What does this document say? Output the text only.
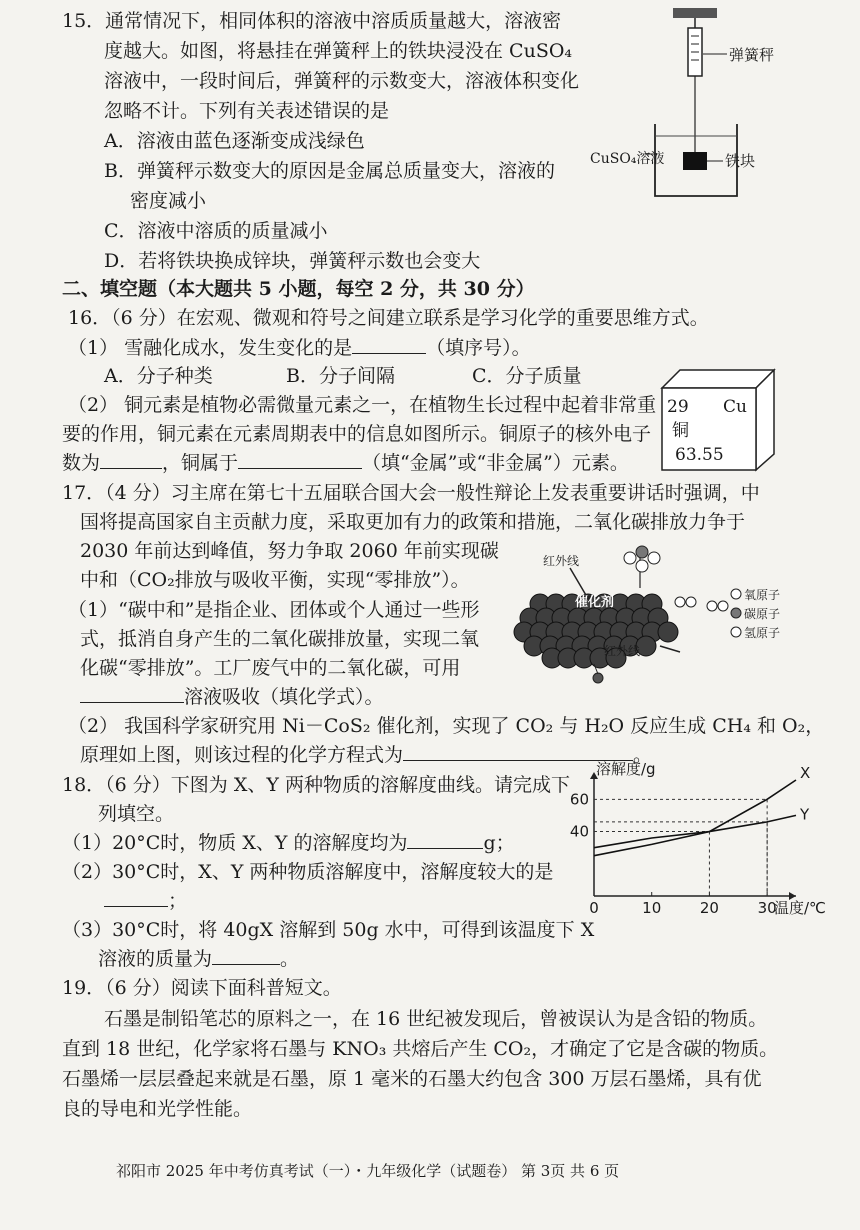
15．通常情况下，相同体积的溶液中溶质质量越大，溶液密
度越大。如图，将悬挂在弹簧秤上的铁块浸没在 CuSO₄
溶液中，一段时间后，弹簧秤的示数变大，溶液体积变化
忽略不计。下列有关表述错误的是
A．溶液由蓝色逐渐变成浅绿色
B．弹簧秤示数变大的原因是金属总质量变大，溶液的
密度减小
C．溶液中溶质的质量减小
D．若将铁块换成锌块，弹簧秤示数也会变大
弹簧秤
CuSO₄溶液	铁块
二、填空题（本大题共 5 小题，每空 2 分，共 30 分）
16．（6 分）在宏观、微观和符号之间建立联系是学习化学的重要思维方式。
（1） 雪融化成水，发生变化的是	（填序号）。
A．分子种类	B．分子间隔	C．分子质量
（2） 铜元素是植物必需微量元素之一，在植物生长过程中起着非常重
要的作用，铜元素在元素周期表中的信息如图所示。铜原子的核外电子
数为	，铜属于	（填“金属”或“非金属”）元素。
29 Cu
铜
63.55
17．（4 分）习主席在第七十五届联合国大会一般性辩论上发表重要讲话时强调，中
国将提高国家自主贡献力度，采取更加有力的政策和措施，二氧化碳排放力争于
2030 年前达到峰值，努力争取 2060 年前实现碳
中和（CO₂排放与吸收平衡，实现“零排放”）。
（1）“碳中和”是指企业、团体或个人通过一些形
式，抵消自身产生的二氧化碳排放量，实现二氧
化碳“零排放”。工厂废气中的二氧化碳，可用
溶液吸收（填化学式）。
（2） 我国科学家研究用 Ni－CoS₂ 催化剂，实现了 CO₂ 与 H₂O 反应生成 CH₄ 和 O₂，
原理如上图，则该过程的化学方程式为	。
红外线
红外线
催化剂	氧原子
碳原子
氢原子
18．（6 分）下图为 X、Y 两种物质的溶解度曲线。请完成下
列填空。
（1）20°C时，物质 X、Y 的溶解度均为	g；
（2）30°C时，X、Y 两种物质溶解度中，溶解度较大的是
；
（3）30°C时，将 40gX 溶解到 50g 水中，可得到该温度下 X
溶液的质量为	。
0	10	20	30
40
60
X
Y
溶解度/g
温度/℃
19．（6 分）阅读下面科普短文。
石墨是制铅笔芯的原料之一，在 16 世纪被发现后，曾被误认为是含铅的物质。
直到 18 世纪，化学家将石墨与 KNO₃ 共熔后产生 CO₂，才确定了它是含碳的物质。
石墨烯一层层叠起来就是石墨，原 1 毫米的石墨大约包含 300 万层石墨烯，具有优
良的导电和光学性能。
祁阳市 2025 年中考仿真考试（一）・九年级化学（试题卷） 第 3页 共 6 页
